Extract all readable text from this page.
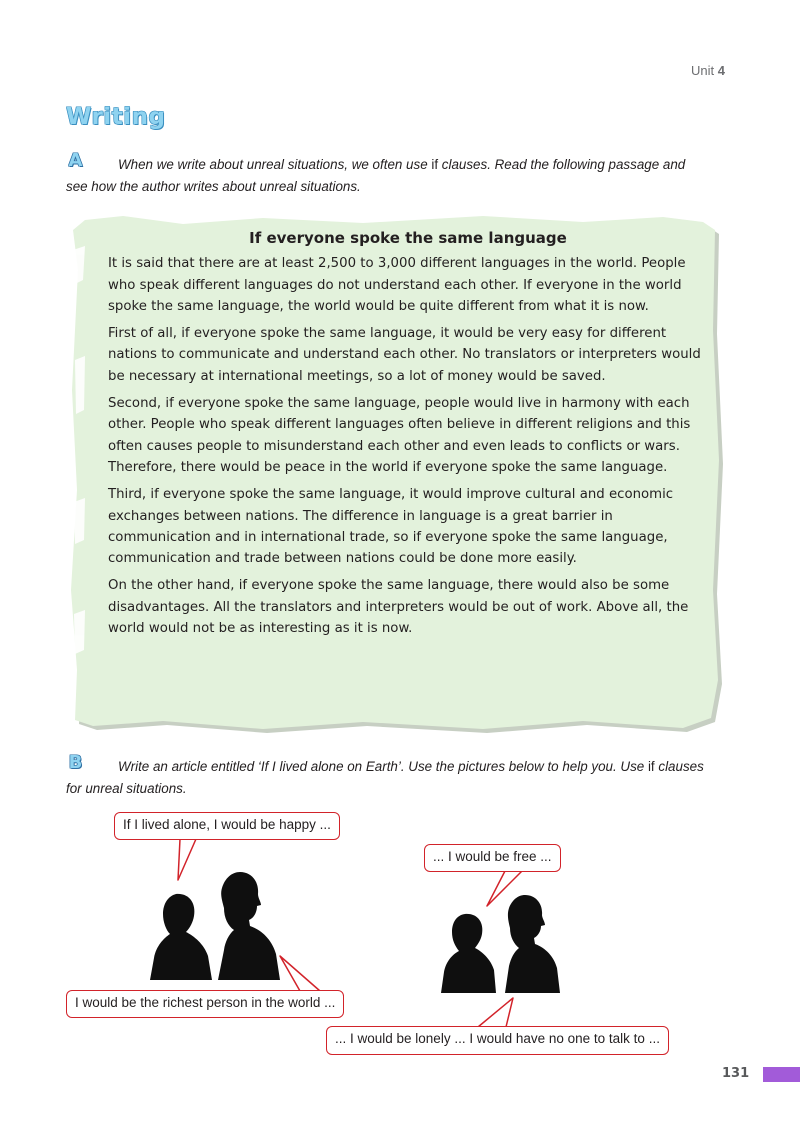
Unit 4
Writing
A	When we write about unreal situations, we often use if clauses. Read the following passage and see how the author writes about unreal situations.
If everyone spoke the same language

It is said that there are at least 2,500 to 3,000 different languages in the world. People who speak different languages do not understand each other. If everyone in the world spoke the same language, the world would be quite different from what it is now.

First of all, if everyone spoke the same language, it would be very easy for different nations to communicate and understand each other. No translators or interpreters would be necessary at international meetings, so a lot of money would be saved.

Second, if everyone spoke the same language, people would live in harmony with each other. People who speak different languages often believe in different religions and this often causes people to misunderstand each other and even leads to conflicts or wars. Therefore, there would be peace in the world if everyone spoke the same language.

Third, if everyone spoke the same language, it would improve cultural and economic exchanges between nations. The difference in language is a great barrier in communication and in international trade, so if everyone spoke the same language, communication and trade between nations could be done more easily.

On the other hand, if everyone spoke the same language, there would also be some disadvantages. All the translators and interpreters would be out of work. Above all, the world would not be as interesting as it is now.

B	Write an article entitled ‘If I lived alone on Earth’. Use the pictures below to help you. Use if clauses for unreal situations.
If I lived alone, I would be happy ...
... I would be free ...
I would be the richest person in the world ...
... I would be lonely ... I would have no one to talk to ...
131
